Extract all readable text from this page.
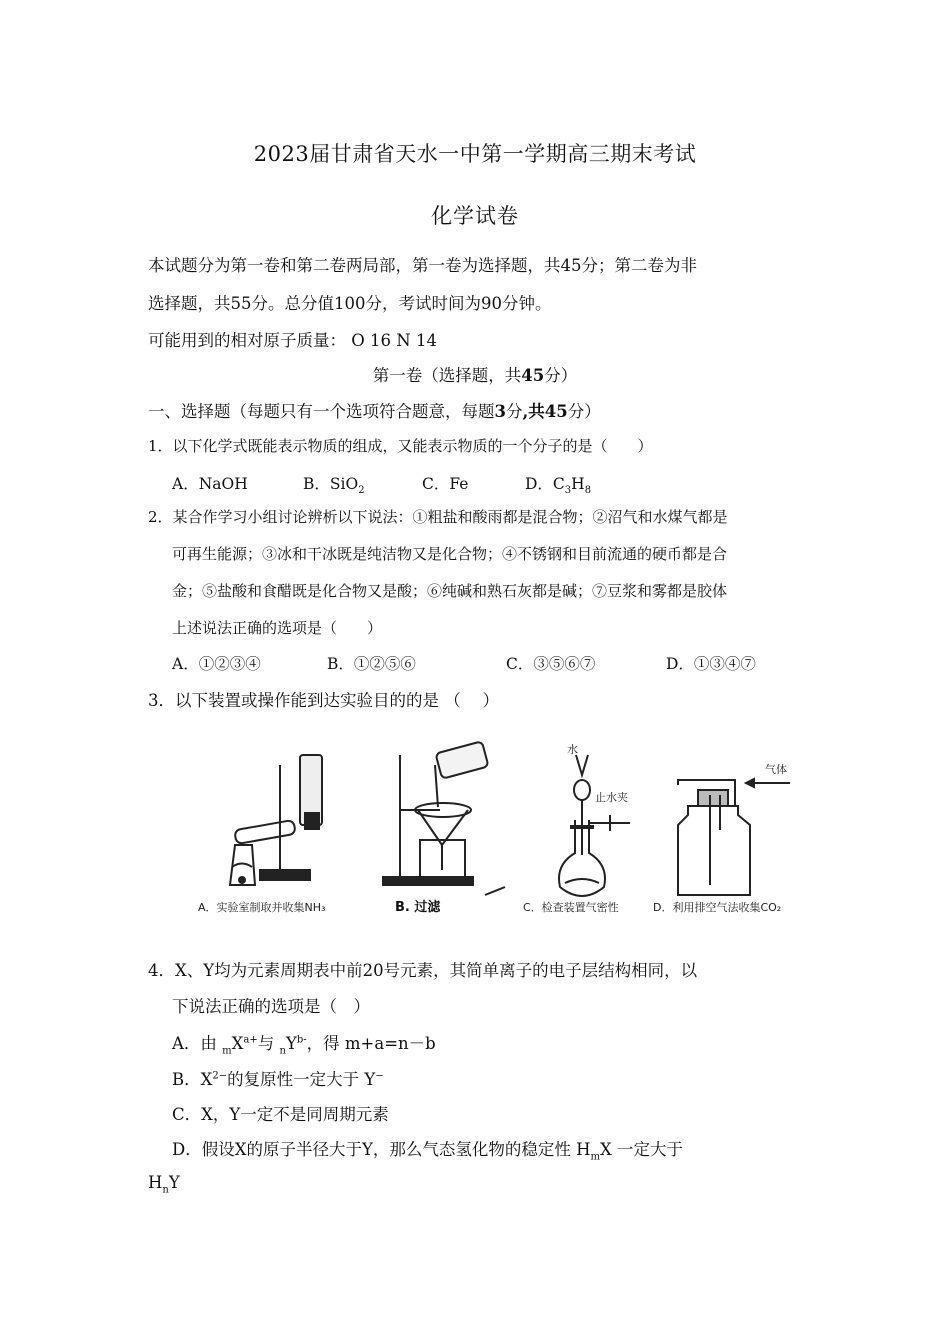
2023届甘肃省天水一中第一学期高三期末考试
化学试卷
本试题分为第一卷和第二卷两局部，第一卷为选择题，共45分；第二卷为非
选择题，共55分。总分值100分，考试时间为90分钟。
可能用到的相对原子质量： O 16 N 14
第一卷（选择题，共45分）
一、选择题（每题只有一个选项符合题意，每题3分,共45分）
1．以下化学式既能表示物质的组成，又能表示物质的一个分子的是（　　）
A．NaOH	B．SiO$_2$	C．Fe	D．$C_3H_8$
2．某合作学习小组讨论辨析以下说法：①粗盐和酸雨都是混合物；②沼气和水煤气都是
可再生能源；③冰和干冰既是纯洁物又是化合物；④不锈钢和目前流通的硬币都是合
金；⑤盐酸和食醋既是化合物又是酸；⑥纯碱和熟石灰都是碱；⑦豆浆和雾都是胶体
上述说法正确的选项是（　　）
A．①②③④	B．①②⑤⑥	C．③⑤⑥⑦	D．①③④⑦
3．以下装置或操作能到达实验目的的是 （　 ）
A．实验室制取并收集NH₃	B. 过滤	C．检查装置气密性	D．利用排空气法收集CO₂
水
止水夹
气体
4．X、Y均为元素周期表中前20号元素，其简单离子的电子层结构相同，以
下说法正确的选项是（　）
A．由 $_mX^{a+}$与 $_nY^{b-}$，得 m+a=n－b
B．$X^{2-}$的复原性一定大于 Y−
C．X，Y一定不是同周期元素
D．假设X的原子半径大于Y，那么气态氢化物的稳定性 $H_mX$ 一定大于
$H_nY$
